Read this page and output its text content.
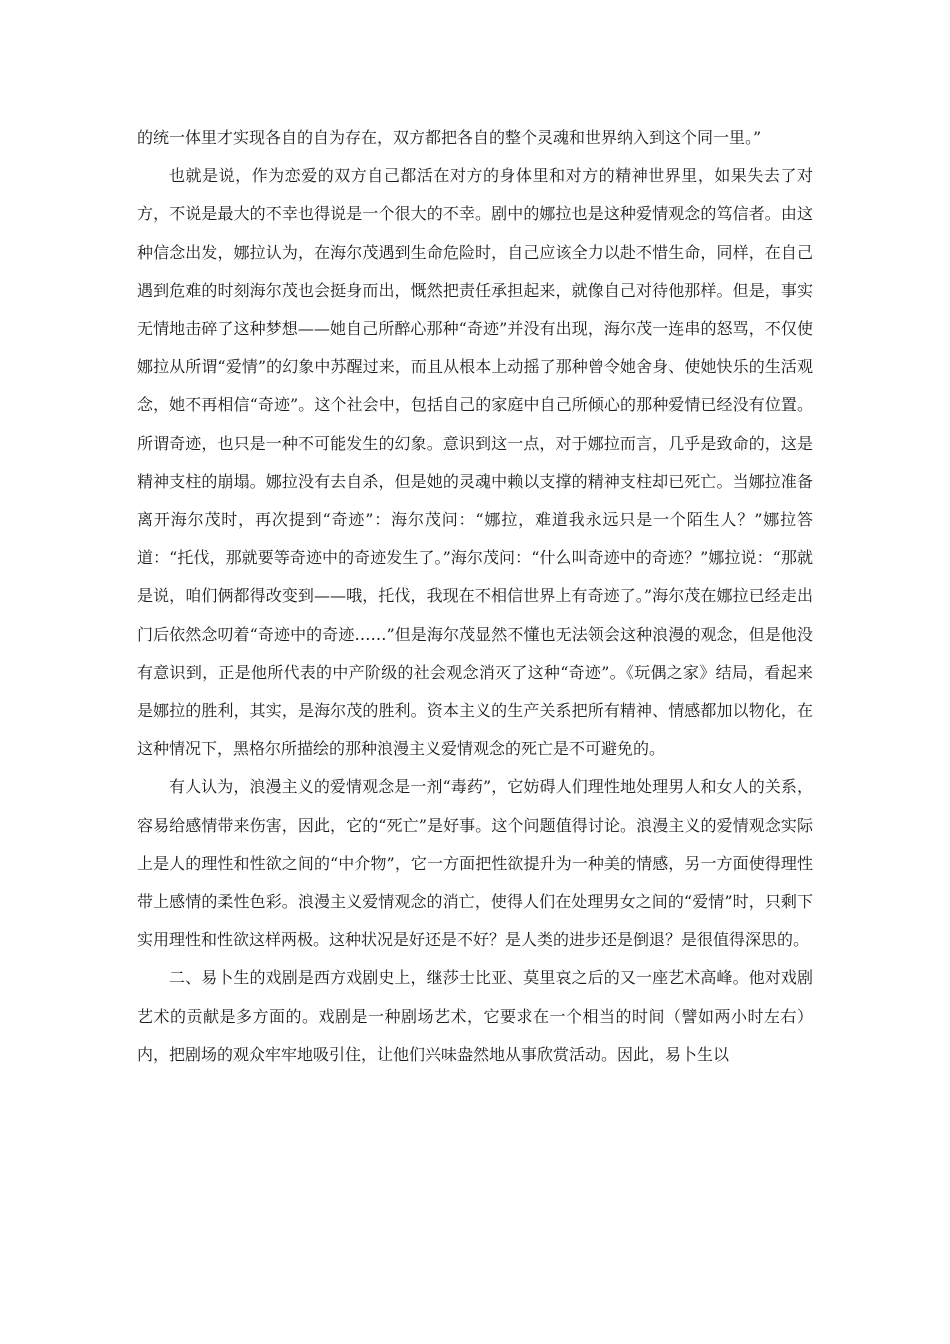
的统一体里才实现各自的自为存在，双方都把各自的整个灵魂和世界纳入到这个同一里。”

也就是说，作为恋爱的双方自己都活在对方的身体里和对方的精神世界里，如果失去了对方，不说是最大的不幸也得说是一个很大的不幸。剧中的娜拉也是这种爱情观念的笃信者。由这种信念出发，娜拉认为，在海尔茂遇到生命危险时，自己应该全力以赴不惜生命，同样，在自己遇到危难的时刻海尔茂也会挺身而出，慨然把责任承担起来，就像自己对待他那样。但是，事实无情地击碎了这种梦想——她自己所醉心那种“奇迹”并没有出现，海尔茂一连串的怒骂，不仅使娜拉从所谓“爱情”的幻象中苏醒过来，而且从根本上动摇了那种曾令她舍身、使她快乐的生活观念，她不再相信“奇迹”。这个社会中，包括自己的家庭中自己所倾心的那种爱情已经没有位置。所谓奇迹，也只是一种不可能发生的幻象。意识到这一点，对于娜拉而言，几乎是致命的，这是精神支柱的崩塌。娜拉没有去自杀，但是她的灵魂中赖以支撑的精神支柱却已死亡。当娜拉准备离开海尔茂时，再次提到“奇迹”：海尔茂问：“娜拉，难道我永远只是一个陌生人？”娜拉答道：“托伐，那就要等奇迹中的奇迹发生了。”海尔茂问：“什么叫奇迹中的奇迹？”娜拉说：“那就是说，咱们俩都得改变到——哦，托伐，我现在不相信世界上有奇迹了。”海尔茂在娜拉已经走出门后依然念叨着“奇迹中的奇迹……”但是海尔茂显然不懂也无法领会这种浪漫的观念，但是他没有意识到，正是他所代表的中产阶级的社会观念消灭了这种“奇迹”。《玩偶之家》结局，看起来是娜拉的胜利，其实，是海尔茂的胜利。资本主义的生产关系把所有精神、情感都加以物化，在这种情况下，黑格尔所描绘的那种浪漫主义爱情观念的死亡是不可避免的。

有人认为，浪漫主义的爱情观念是一剂“毒药”，它妨碍人们理性地处理男人和女人的关系，容易给感情带来伤害，因此，它的“死亡”是好事。这个问题值得讨论。浪漫主义的爱情观念实际上是人的理性和性欲之间的“中介物”，它一方面把性欲提升为一种美的情感，另一方面使得理性带上感情的柔性色彩。浪漫主义爱情观念的消亡，使得人们在处理男女之间的“爱情”时，只剩下实用理性和性欲这样两极。这种状况是好还是不好？是人类的进步还是倒退？是很值得深思的。

二、易卜生的戏剧是西方戏剧史上，继莎士比亚、莫里哀之后的又一座艺术高峰。他对戏剧艺术的贡献是多方面的。戏剧是一种剧场艺术，它要求在一个相当的时间（譬如两小时左右）内，把剧场的观众牢牢地吸引住，让他们兴味盎然地从事欣赏活动。因此，易卜生以
